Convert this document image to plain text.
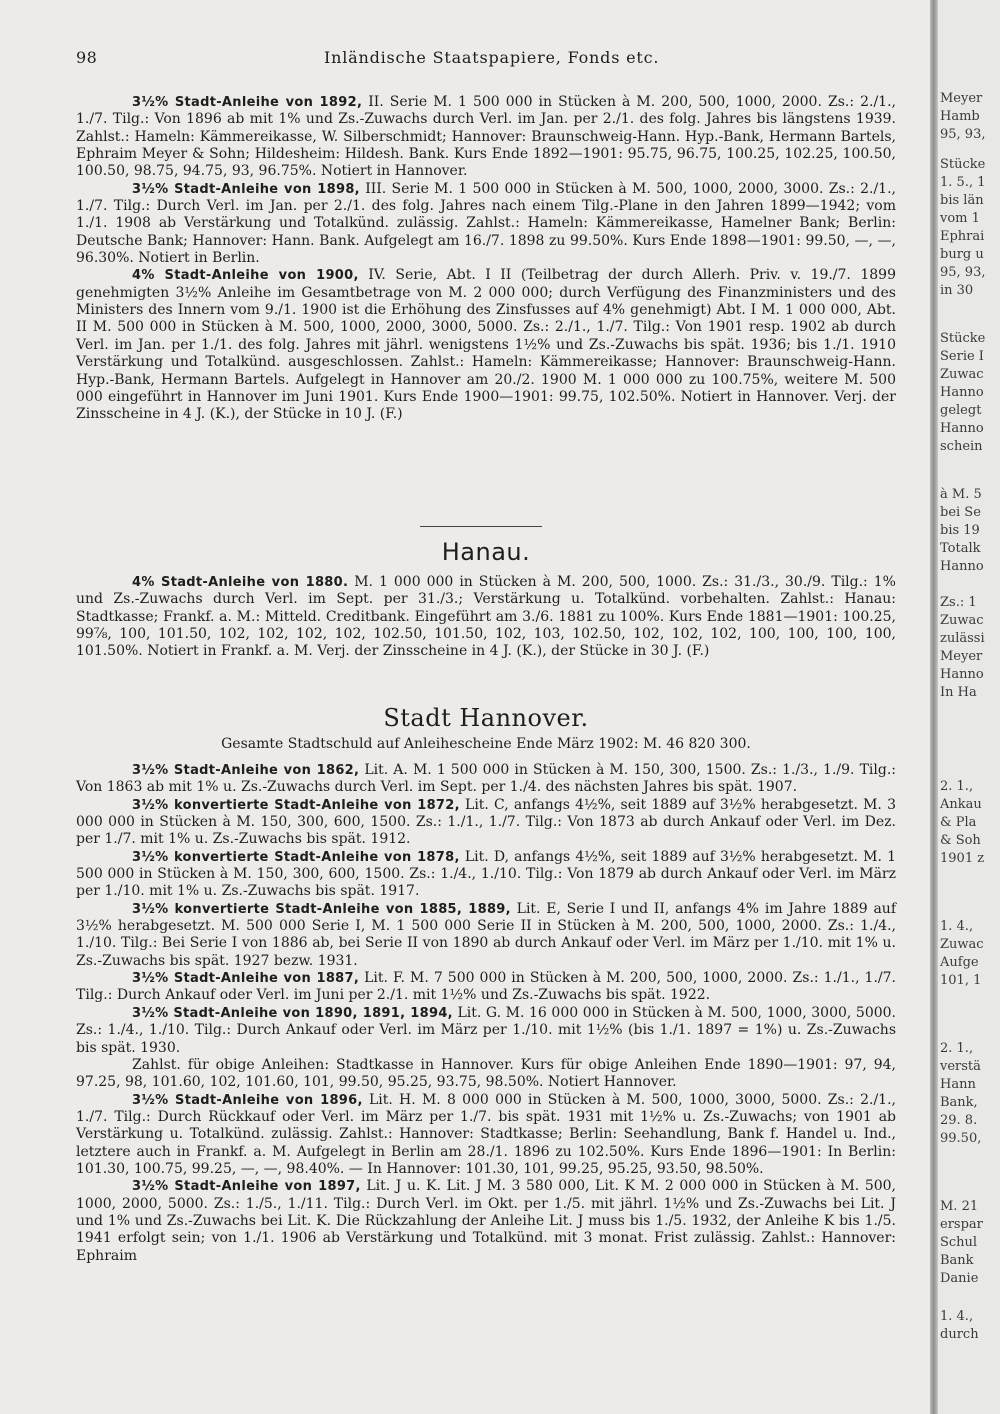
98	Inländische Staatspapiere, Fonds etc.

3½% Stadt-Anleihe von 1892, II. Serie M. 1 500 000 in Stücken à M. 200, 500, 1000, 2000. Zs.: 2./1., 1./7. Tilg.: Von 1896 ab mit 1% und Zs.-Zuwachs durch Verl. im Jan. per 2./1. des folg. Jahres bis längstens 1939. Zahlst.: Hameln: Kämmereikasse, W. Silberschmidt; Hannover: Braunschweig-Hann. Hyp.-Bank, Hermann Bartels, Ephraim Meyer & Sohn; Hildesheim: Hildesh. Bank. Kurs Ende 1892—1901: 95.75, 96.75, 100.25, 102.25, 100.50, 100.50, 98.75, 94.75, 93, 96.75%. Notiert in Hannover.

3½% Stadt-Anleihe von 1898, III. Serie M. 1 500 000 in Stücken à M. 500, 1000, 2000, 3000. Zs.: 2./1., 1./7. Tilg.: Durch Verl. im Jan. per 2./1. des folg. Jahres nach einem Tilg.-Plane in den Jahren 1899—1942; vom 1./1. 1908 ab Verstärkung und Totalkünd. zulässig. Zahlst.: Hameln: Kämmereikasse, Hamelner Bank; Berlin: Deutsche Bank; Hannover: Hann. Bank. Aufgelegt am 16./7. 1898 zu 99.50%. Kurs Ende 1898—1901: 99.50, —, —, 96.30%. Notiert in Berlin.

4% Stadt-Anleihe von 1900, IV. Serie, Abt. I II (Teilbetrag der durch Allerh. Priv. v. 19./7. 1899 genehmigten 3½% Anleihe im Gesamtbetrage von M. 2 000 000; durch Verfügung des Finanzministers und des Ministers des Innern vom 9./1. 1900 ist die Erhöhung des Zinsfusses auf 4% genehmigt) Abt. I M. 1 000 000, Abt. II M. 500 000 in Stücken à M. 500, 1000, 2000, 3000, 5000. Zs.: 2./1., 1./7. Tilg.: Von 1901 resp. 1902 ab durch Verl. im Jan. per 1./1. des folg. Jahres mit jährl. wenigstens 1½% und Zs.-Zuwachs bis spät. 1936; bis 1./1. 1910 Verstärkung und Totalkünd. ausgeschlossen. Zahlst.: Hameln: Kämmereikasse; Hannover: Braunschweig-Hann. Hyp.-Bank, Hermann Bartels. Aufgelegt in Hannover am 20./2. 1900 M. 1 000 000 zu 100.75%, weitere M. 500 000 eingeführt in Hannover im Juni 1901. Kurs Ende 1900—1901: 99.75, 102.50%. Notiert in Hannover. Verj. der Zinsscheine in 4 J. (K.), der Stücke in 10 J. (F.)

Hanau.

4% Stadt-Anleihe von 1880. M. 1 000 000 in Stücken à M. 200, 500, 1000. Zs.: 31./3., 30./9. Tilg.: 1% und Zs.-Zuwachs durch Verl. im Sept. per 31./3.; Verstärkung u. Totalkünd. vorbehalten. Zahlst.: Hanau: Stadtkasse; Frankf. a. M.: Mitteld. Creditbank. Eingeführt am 3./6. 1881 zu 100%. Kurs Ende 1881—1901: 100.25, 99⅞, 100, 101.50, 102, 102, 102, 102, 102.50, 101.50, 102, 103, 102.50, 102, 102, 102, 100, 100, 100, 100, 101.50%. Notiert in Frankf. a. M. Verj. der Zinsscheine in 4 J. (K.), der Stücke in 30 J. (F.)

Stadt Hannover.
Gesamte Stadtschuld auf Anleihescheine Ende März 1902: M. 46 820 300.

3½% Stadt-Anleihe von 1862, Lit. A. M. 1 500 000 in Stücken à M. 150, 300, 1500. Zs.: 1./3., 1./9. Tilg.: Von 1863 ab mit 1% u. Zs.-Zuwachs durch Verl. im Sept. per 1./4. des nächsten Jahres bis spät. 1907.

3½% konvertierte Stadt-Anleihe von 1872, Lit. C, anfangs 4½%, seit 1889 auf 3½% herabgesetzt. M. 3 000 000 in Stücken à M. 150, 300, 600, 1500. Zs.: 1./1., 1./7. Tilg.: Von 1873 ab durch Ankauf oder Verl. im Dez. per 1./7. mit 1% u. Zs.-Zuwachs bis spät. 1912.

3½% konvertierte Stadt-Anleihe von 1878, Lit. D, anfangs 4½%, seit 1889 auf 3½% herabgesetzt. M. 1 500 000 in Stücken à M. 150, 300, 600, 1500. Zs.: 1./4., 1./10. Tilg.: Von 1879 ab durch Ankauf oder Verl. im März per 1./10. mit 1% u. Zs.-Zuwachs bis spät. 1917.

3½% konvertierte Stadt-Anleihe von 1885, 1889, Lit. E, Serie I und II, anfangs 4% im Jahre 1889 auf 3½% herabgesetzt. M. 500 000 Serie I, M. 1 500 000 Serie II in Stücken à M. 200, 500, 1000, 2000. Zs.: 1./4., 1./10. Tilg.: Bei Serie I von 1886 ab, bei Serie II von 1890 ab durch Ankauf oder Verl. im März per 1./10. mit 1% u. Zs.-Zuwachs bis spät. 1927 bezw. 1931.

3½% Stadt-Anleihe von 1887, Lit. F. M. 7 500 000 in Stücken à M. 200, 500, 1000, 2000. Zs.: 1./1., 1./7. Tilg.: Durch Ankauf oder Verl. im Juni per 2./1. mit 1½% und Zs.-Zuwachs bis spät. 1922.

3½% Stadt-Anleihe von 1890, 1891, 1894, Lit. G. M. 16 000 000 in Stücken à M. 500, 1000, 3000, 5000. Zs.: 1./4., 1./10. Tilg.: Durch Ankauf oder Verl. im März per 1./10. mit 1½% (bis 1./1. 1897 = 1%) u. Zs.-Zuwachs bis spät. 1930.

Zahlst. für obige Anleihen: Stadtkasse in Hannover. Kurs für obige Anleihen Ende 1890—1901: 97, 94, 97.25, 98, 101.60, 102, 101.60, 101, 99.50, 95.25, 93.75, 98.50%. Notiert Hannover.

3½% Stadt-Anleihe von 1896, Lit. H. M. 8 000 000 in Stücken à M. 500, 1000, 3000, 5000. Zs.: 2./1., 1./7. Tilg.: Durch Rückkauf oder Verl. im März per 1./7. bis spät. 1931 mit 1½% u. Zs.-Zuwachs; von 1901 ab Verstärkung u. Totalkünd. zulässig. Zahlst.: Hannover: Stadtkasse; Berlin: Seehandlung, Bank f. Handel u. Ind., letztere auch in Frankf. a. M. Aufgelegt in Berlin am 28./1. 1896 zu 102.50%. Kurs Ende 1896—1901: In Berlin: 101.30, 100.75, 99.25, —, —, 98.40%. — In Hannover: 101.30, 101, 99.25, 95.25, 93.50, 98.50%.

3½% Stadt-Anleihe von 1897, Lit. J u. K. Lit. J M. 3 580 000, Lit. K M. 2 000 000 in Stücken à M. 500, 1000, 2000, 5000. Zs.: 1./5., 1./11. Tilg.: Durch Verl. im Okt. per 1./5. mit jährl. 1½% und Zs.-Zuwachs bei Lit. J und 1% und Zs.-Zuwachs bei Lit. K. Die Rückzahlung der Anleihe Lit. J muss bis 1./5. 1932, der Anleihe K bis 1./5. 1941 erfolgt sein; von 1./1. 1906 ab Verstärkung und Totalkünd. mit 3 monat. Frist zulässig. Zahlst.: Hannover: Ephraim

Meyer
Hamb
95, 93,
Stücke
1. 5., 1
bis län
vom 1
Ephrai
burg u
95, 93,
in 30
Stücke
Serie I
Zuwac
Hanno
gelegt
Hanno
schein
à M. 5
bei Se
bis 19
Totalk
Hanno
Zs.: 1
Zuwac
zulässi
Meyer
Hanno
In Ha
2. 1.,
Ankau
& Pla
& Soh
1901 z
1. 4.,
Zuwac
Aufge
101, 1
2. 1.,
verstä
Hann
Bank,
29. 8.
99.50,
M. 21
erspar
Schul
Bank
Danie
1. 4.,
durch
